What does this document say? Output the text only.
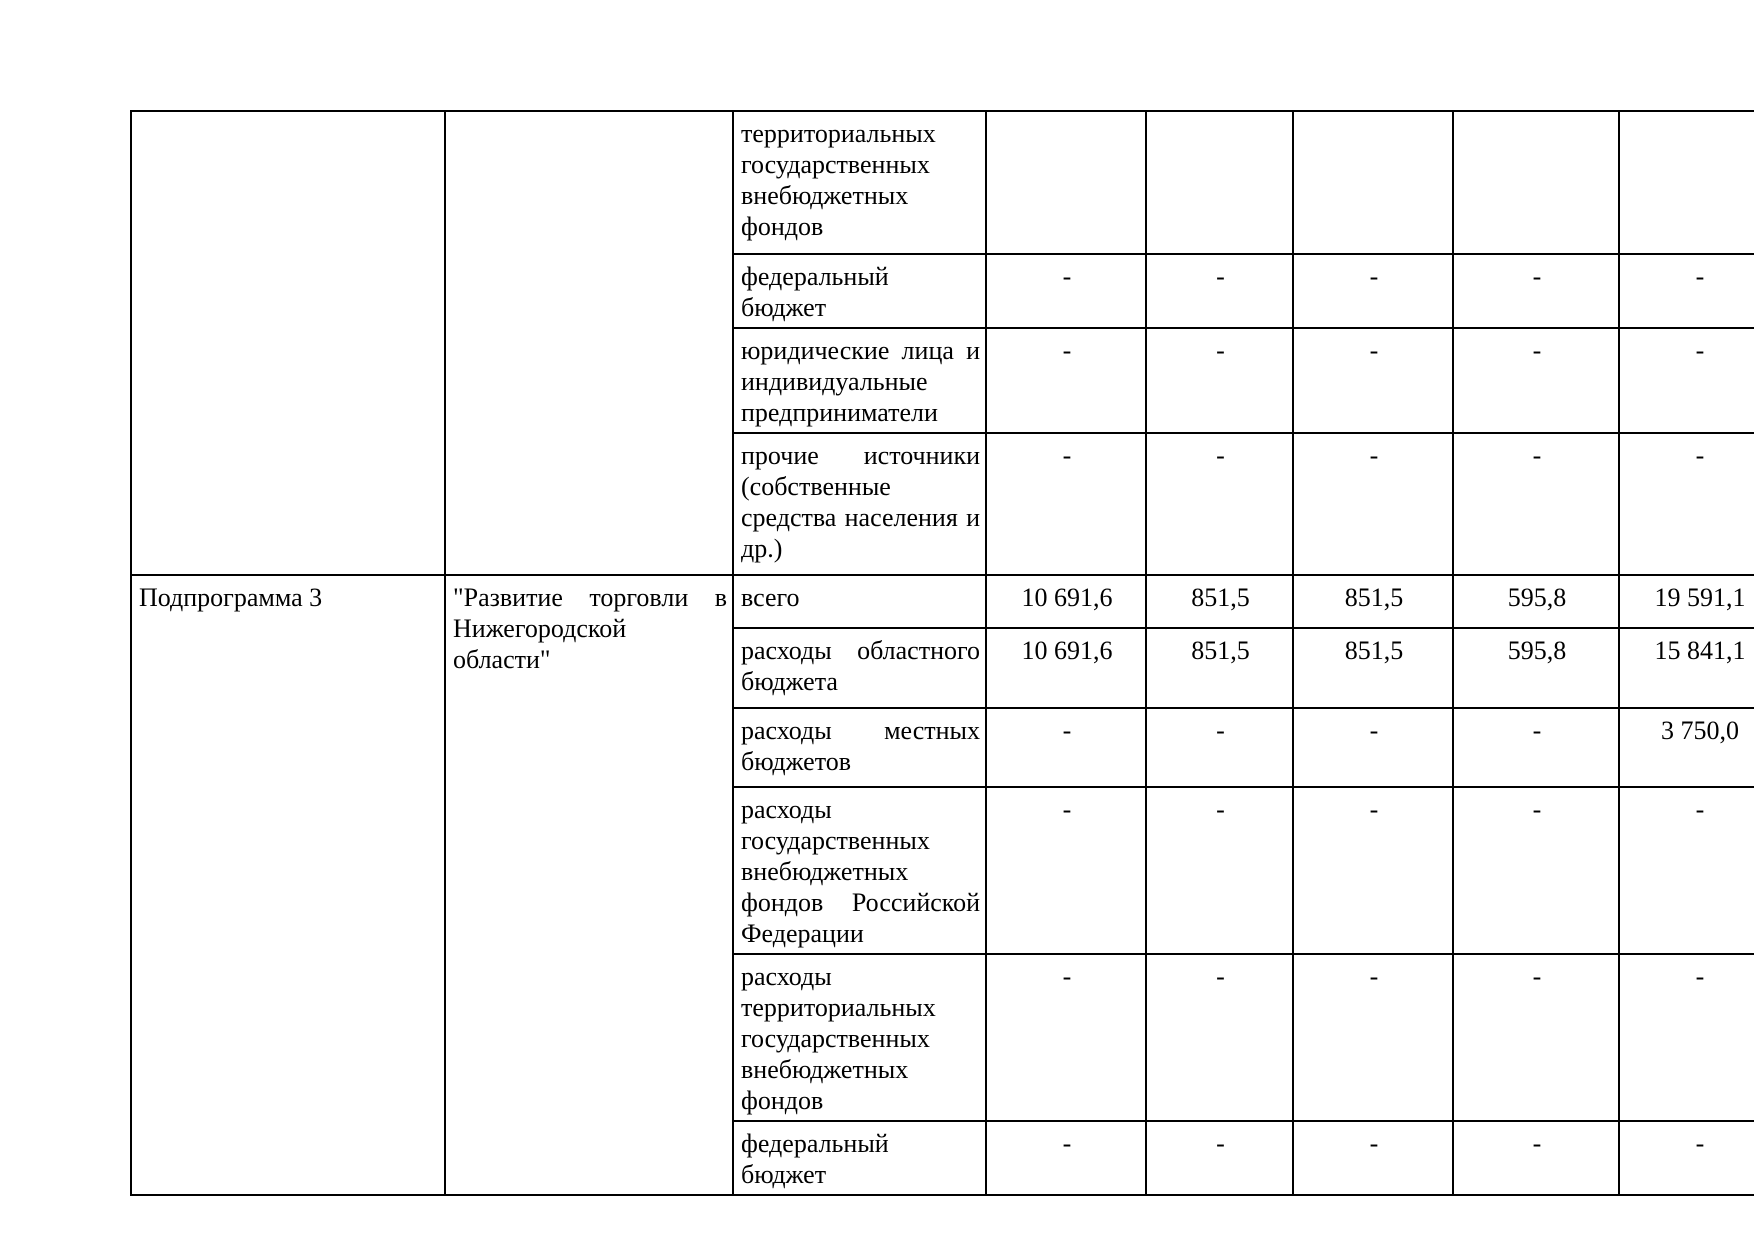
		территориальных государственных внебюджетных фондов					
		федеральный бюджет	-	-	-	-	-
		юридические лица и индивидуальные предприниматели	-	-	-	-	-
		прочие источники (собственные средства населения и др.)	-	-	-	-	-
Подпрограмма 3	"Развитие торговли в Нижегородской области"	всего	10 691,6	851,5	851,5	595,8	19 591,1
		расходы областного бюджета	10 691,6	851,5	851,5	595,8	15 841,1
		расходы местных бюджетов	-	-	-	-	3 750,0
		расходы государственных внебюджетных фондов Российской Федерации	-	-	-	-	-
		расходы территориальных государственных внебюджетных фондов	-	-	-	-	-
		федеральный бюджет	-	-	-	-	-
